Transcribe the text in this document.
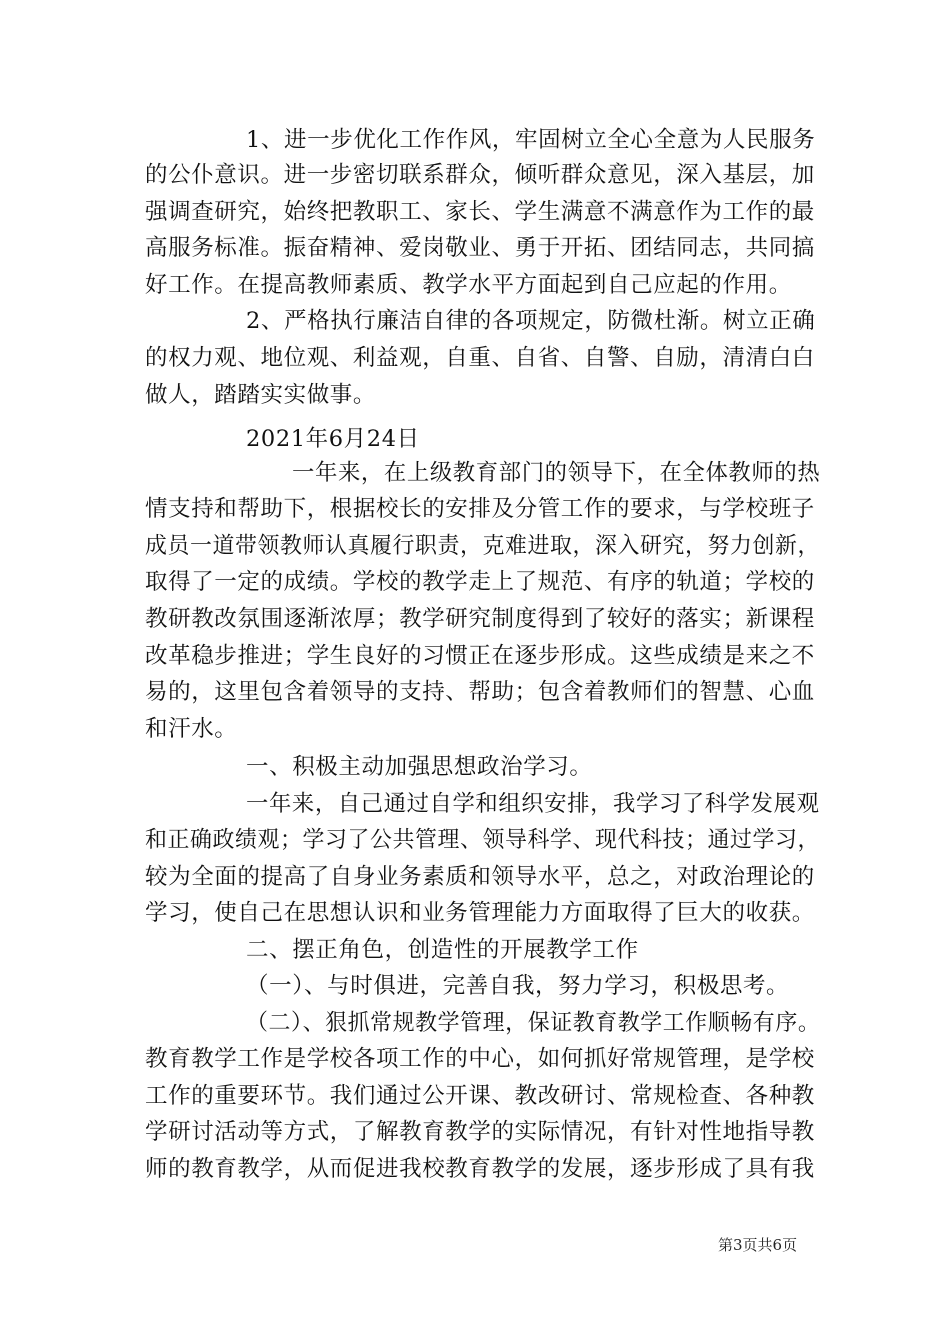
1、进一步优化工作作风，牢固树立全心全意为人民服务
的公仆意识。进一步密切联系群众，倾听群众意见，深入基层，加
强调查研究，始终把教职工、家长、学生满意不满意作为工作的最
高服务标准。振奋精神、爱岗敬业、勇于开拓、团结同志，共同搞
好工作。在提高教师素质、教学水平方面起到自己应起的作用。
2、严格执行廉洁自律的各项规定，防微杜渐。树立正确
的权力观、地位观、利益观，自重、自省、自警、自励，清清白白
做人，踏踏实实做事。
2021年6月24日
一年来，在上级教育部门的领导下，在全体教师的热
情支持和帮助下，根据校长的安排及分管工作的要求，与学校班子
成员一道带领教师认真履行职责，克难进取，深入研究，努力创新，
取得了一定的成绩。学校的教学走上了规范、有序的轨道；学校的
教研教改氛围逐渐浓厚；教学研究制度得到了较好的落实；新课程
改革稳步推进；学生良好的习惯正在逐步形成。这些成绩是来之不
易的，这里包含着领导的支持、帮助；包含着教师们的智慧、心血
和汗水。
一、积极主动加强思想政治学习。
一年来，自己通过自学和组织安排，我学习了科学发展观
和正确政绩观；学习了公共管理、领导科学、现代科技；通过学习，
较为全面的提高了自身业务素质和领导水平，总之，对政治理论的
学习，使自己在思想认识和业务管理能力方面取得了巨大的收获。
二、摆正角色，创造性的开展教学工作
（一）、与时俱进，完善自我，努力学习，积极思考。
（二）、狠抓常规教学管理，保证教育教学工作顺畅有序。
教育教学工作是学校各项工作的中心，如何抓好常规管理，是学校
工作的重要环节。我们通过公开课、教改研讨、常规检查、各种教
学研讨活动等方式，了解教育教学的实际情况，有针对性地指导教
师的教育教学，从而促进我校教育教学的发展，逐步形成了具有我
第3页共6页
